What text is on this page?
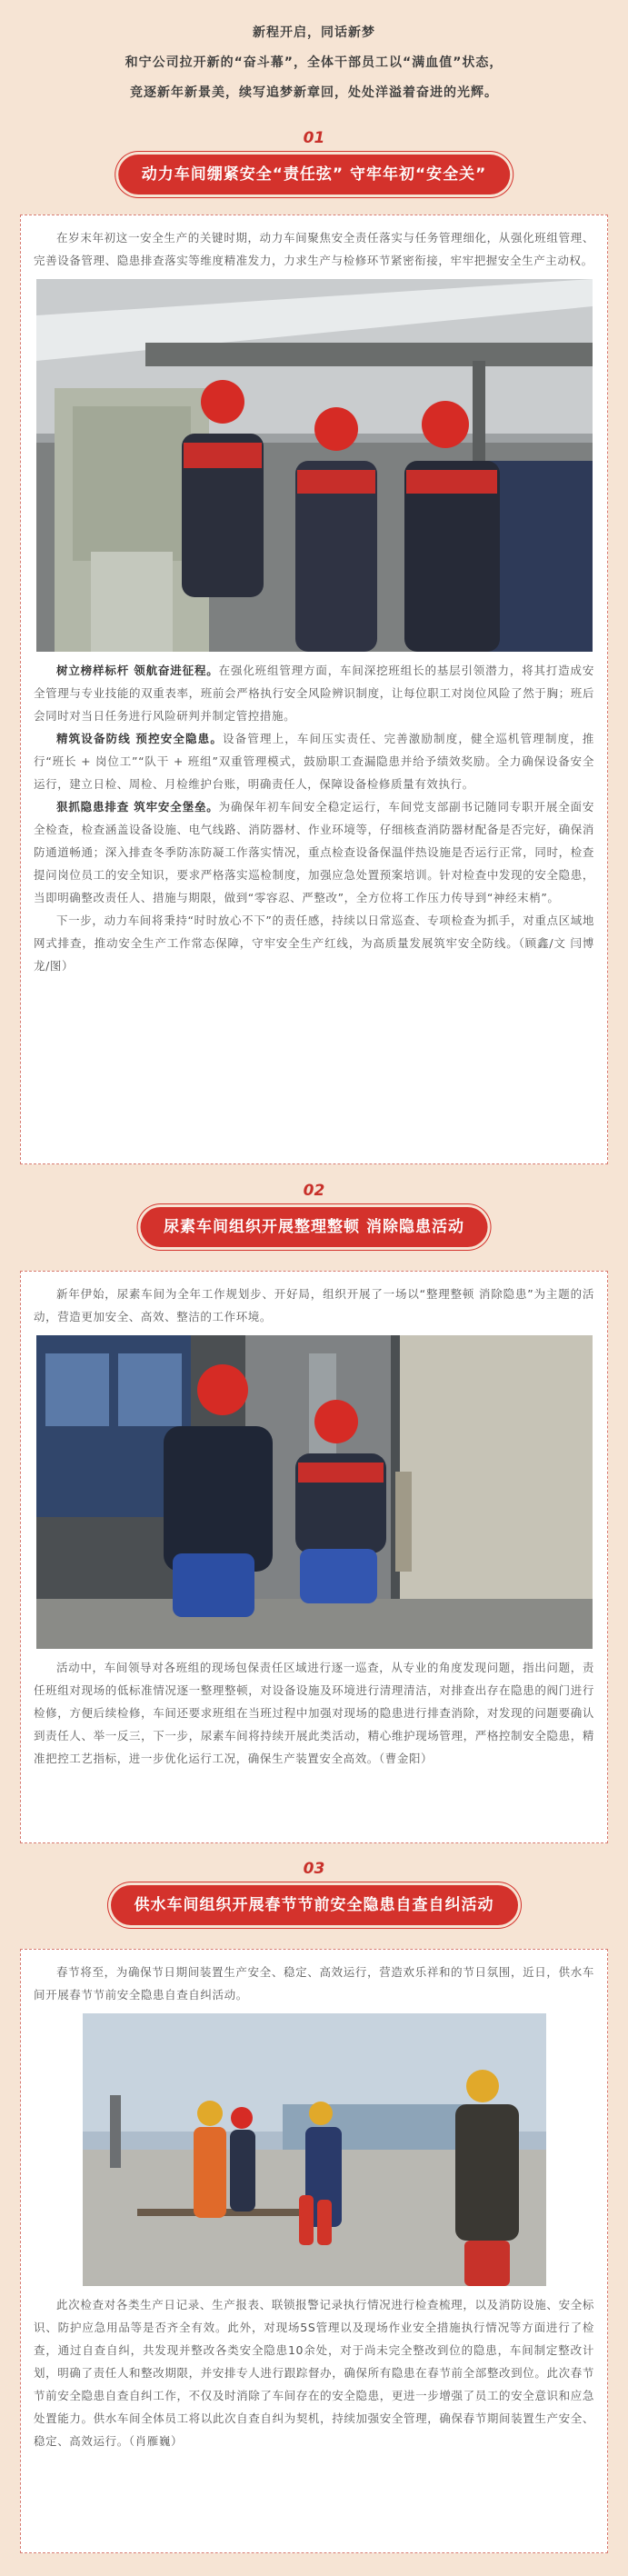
新程开启，同话新梦

和宁公司拉开新的“奋斗幕”，全体干部员工以“满血值”状态，

竞逐新年新景美，续写追梦新章回，处处洋溢着奋进的光辉。

01
动力车间绷紧安全“责任弦” 守牢年初“安全关”

在岁末年初这一安全生产的关键时期，动力车间聚焦安全责任落实与任务管理细化，从强化班组管理、完善设备管理、隐患排查落实等维度精准发力，力求生产与检修环节紧密衔接，牢牢把握安全生产主动权。

树立榜样标杆 领航奋进征程。在强化班组管理方面，车间深挖班组长的基层引领潜力，将其打造成安全管理与专业技能的双重表率，班前会严格执行安全风险辨识制度，让每位职工对岗位风险了然于胸；班后会同时对当日任务进行风险研判并制定管控措施。

精筑设备防线 预控安全隐患。设备管理上，车间压实责任、完善激励制度，健全巡机管理制度，推行“班长 + 岗位工”“队干 + 班组”双重管理模式，鼓励职工查漏隐患并给予绩效奖励。全力确保设备安全运行，建立日检、周检、月检维护台账，明确责任人，保障设备检修质量有效执行。

狠抓隐患排查 筑牢安全堡垒。为确保年初车间安全稳定运行，车间党支部副书记随同专职开展全面安全检查，检查涵盖设备设施、电气线路、消防器材、作业环境等，仔细核查消防器材配备是否完好，确保消防通道畅通；深入排查冬季防冻防凝工作落实情况，重点检查设备保温伴热设施是否运行正常，同时，检查提问岗位员工的安全知识，要求严格落实巡检制度，加强应急处置预案培训。针对检查中发现的安全隐患，当即明确整改责任人、措施与期限，做到“零容忍、严整改”，全方位将工作压力传导到“神经末梢”。

下一步，动力车间将秉持“时时放心不下”的责任感，持续以日常巡查、专项检查为抓手，对重点区域地网式排查，推动安全生产工作常态保障，守牢安全生产红线，为高质量发展筑牢安全防线。（顾鑫/文 闫博龙/图）

02
尿素车间组织开展整理整顿 消除隐患活动

新年伊始，尿素车间为全年工作规划步、开好局，组织开展了一场以“整理整顿 消除隐患”为主题的活动，营造更加安全、高效、整洁的工作环境。

活动中，车间领导对各班组的现场包保责任区域进行逐一巡查，从专业的角度发现问题，指出问题，责任班组对现场的低标准情况逐一整理整顿，对设备设施及环境进行清理清洁，对排查出存在隐患的阀门进行检修，方便后续检修，车间还要求班组在当班过程中加强对现场的隐患进行排查消除，对发现的问题要确认到责任人、举一反三，下一步，尿素车间将持续开展此类活动，精心维护现场管理，严格控制安全隐患，精准把控工艺指标，进一步优化运行工况，确保生产装置安全高效。（曹金阳）

03
供水车间组织开展春节节前安全隐患自查自纠活动

春节将至，为确保节日期间装置生产安全、稳定、高效运行，营造欢乐祥和的节日氛围，近日，供水车间开展春节节前安全隐患自查自纠活动。

此次检查对各类生产日记录、生产报表、联锁报警记录执行情况进行检查梳理，以及消防设施、安全标识、防护应急用品等是否齐全有效。此外，对现场5S管理以及现场作业安全措施执行情况等方面进行了检查，通过自查自纠，共发现并整改各类安全隐患10余处，对于尚未完全整改到位的隐患，车间制定整改计划，明确了责任人和整改期限，并安排专人进行跟踪督办，确保所有隐患在春节前全部整改到位。此次春节节前安全隐患自查自纠工作，不仅及时消除了车间存在的安全隐患，更进一步增强了员工的安全意识和应急处置能力。供水车间全体员工将以此次自查自纠为契机，持续加强安全管理，确保春节期间装置生产安全、稳定、高效运行。（肖雁巍）
